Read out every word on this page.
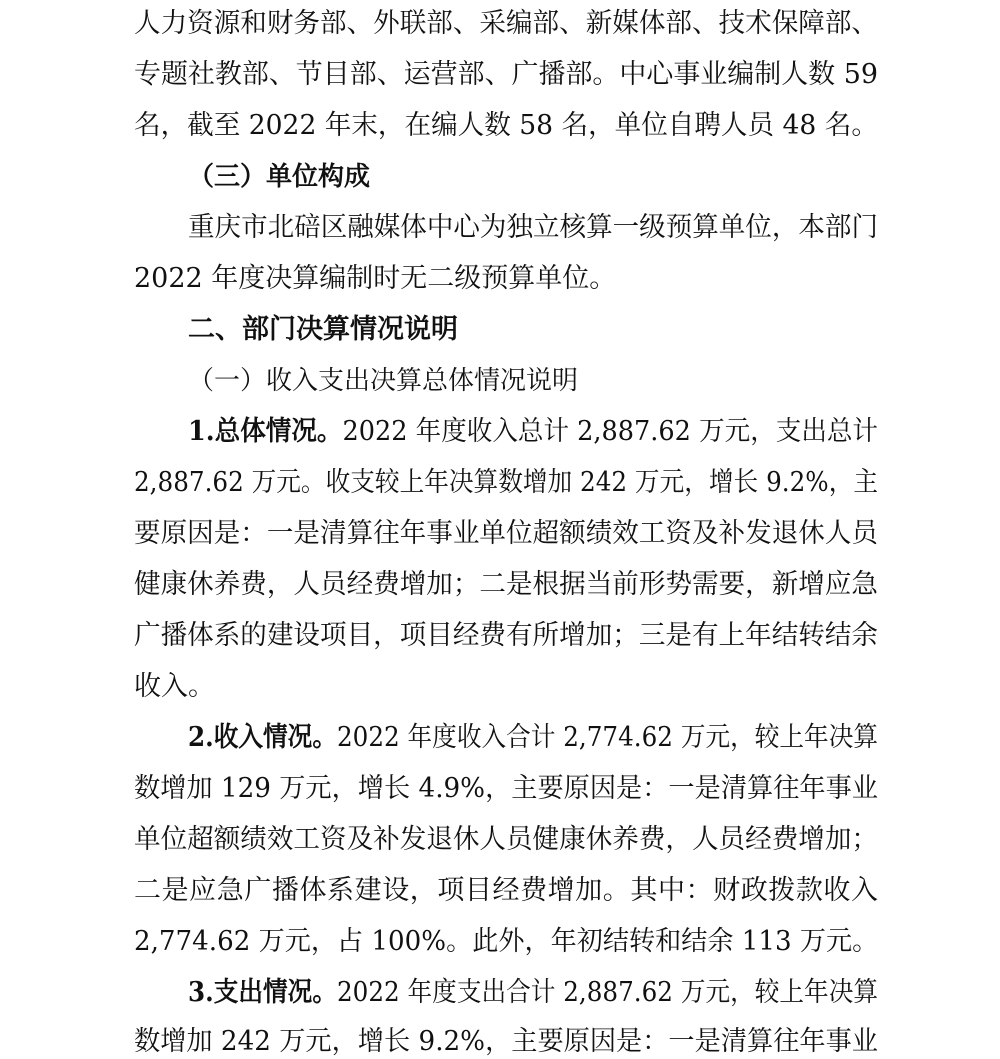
人力资源和财务部、外联部、采编部、新媒体部、技术保障部、
专题社教部、节目部、运营部、广播部。中心事业编制人数 59
名，截至 2022 年末，在编人数 58 名，单位自聘人员 48 名。
（三）单位构成
重庆市北碚区融媒体中心为独立核算一级预算单位，本部门
2022 年度决算编制时无二级预算单位。
二、部门决算情况说明
（一）收入支出决算总体情况说明
1.总体情况。2022 年度收入总计 2,887.62 万元，支出总计
2,887.62 万元。收支较上年决算数增加 242 万元，增长 9.2%，主
要原因是：一是清算往年事业单位超额绩效工资及补发退休人员
健康休养费，人员经费增加；二是根据当前形势需要，新增应急
广播体系的建设项目，项目经费有所增加；三是有上年结转结余
收入。
2.收入情况。2022 年度收入合计 2,774.62 万元，较上年决算
数增加 129 万元，增长 4.9%，主要原因是：一是清算往年事业
单位超额绩效工资及补发退休人员健康休养费，人员经费增加；
二是应急广播体系建设，项目经费增加。其中：财政拨款收入
2,774.62 万元，占 100%。此外，年初结转和结余 113 万元。
3.支出情况。2022 年度支出合计 2,887.62 万元，较上年决算
数增加 242 万元，增长 9.2%，主要原因是：一是清算往年事业
